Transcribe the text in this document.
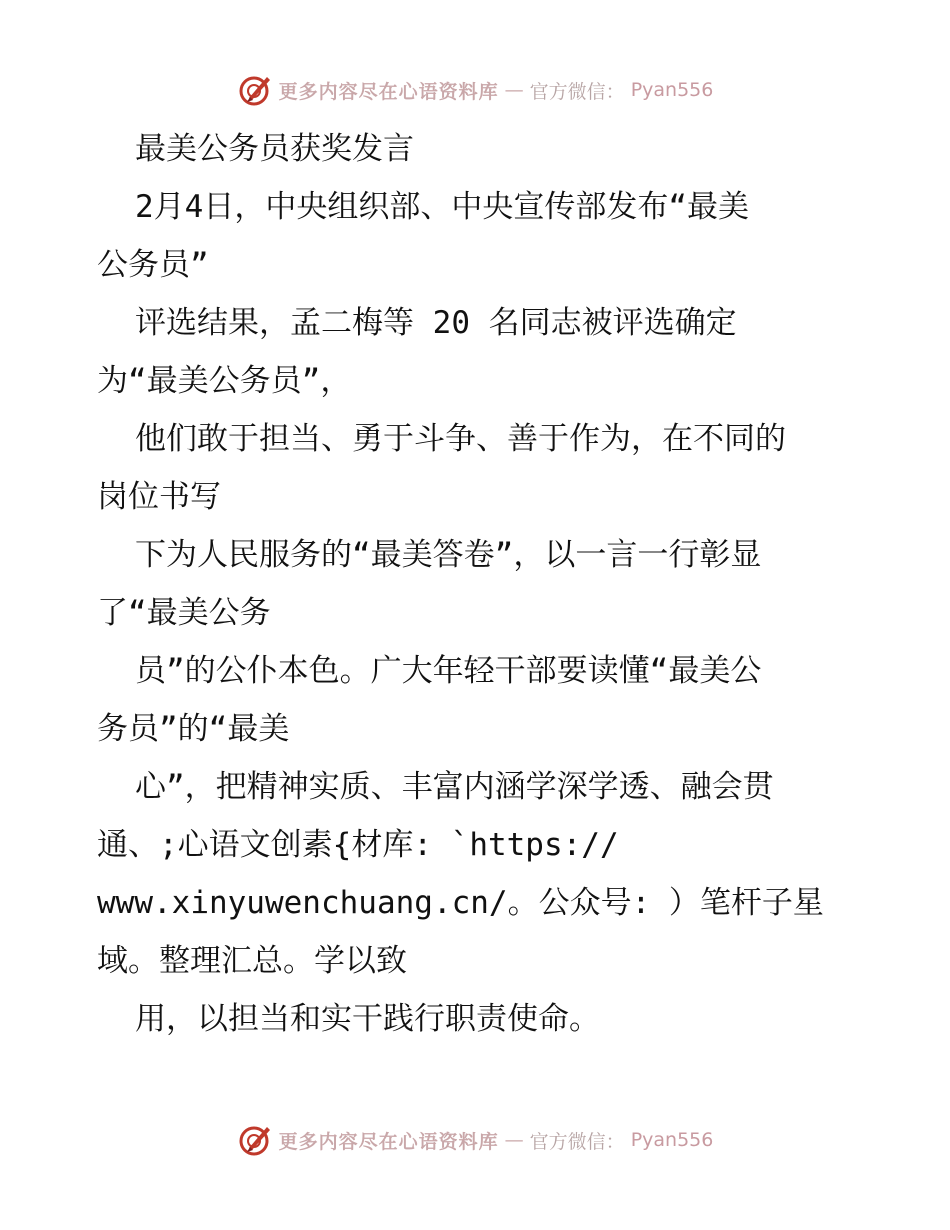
更多内容尽在心语资料库 — 官方微信： Pyan556

最美公务员获奖发言

2月4日，中央组织部、中央宣传部发布“最美

公务员”

评选结果，孟二梅等 20 名同志被评选确定

为“最美公务员”，

他们敢于担当、勇于斗争、善于作为，在不同的

岗位书写

下为人民服务的“最美答卷”，以一言一行彰显

了“最美公务

员”的公仆本色。广大年轻干部要读懂“最美公

务员”的“最美

心”，把精神实质、丰富内涵学深学透、融会贯

通、;心语文创素{材库: `https://

www.xinyuwenchuang.cn/。公众号: ）笔杆子星

域。整理汇总。学以致

用，以担当和实干践行职责使命。

更多内容尽在心语资料库 — 官方微信： Pyan556
